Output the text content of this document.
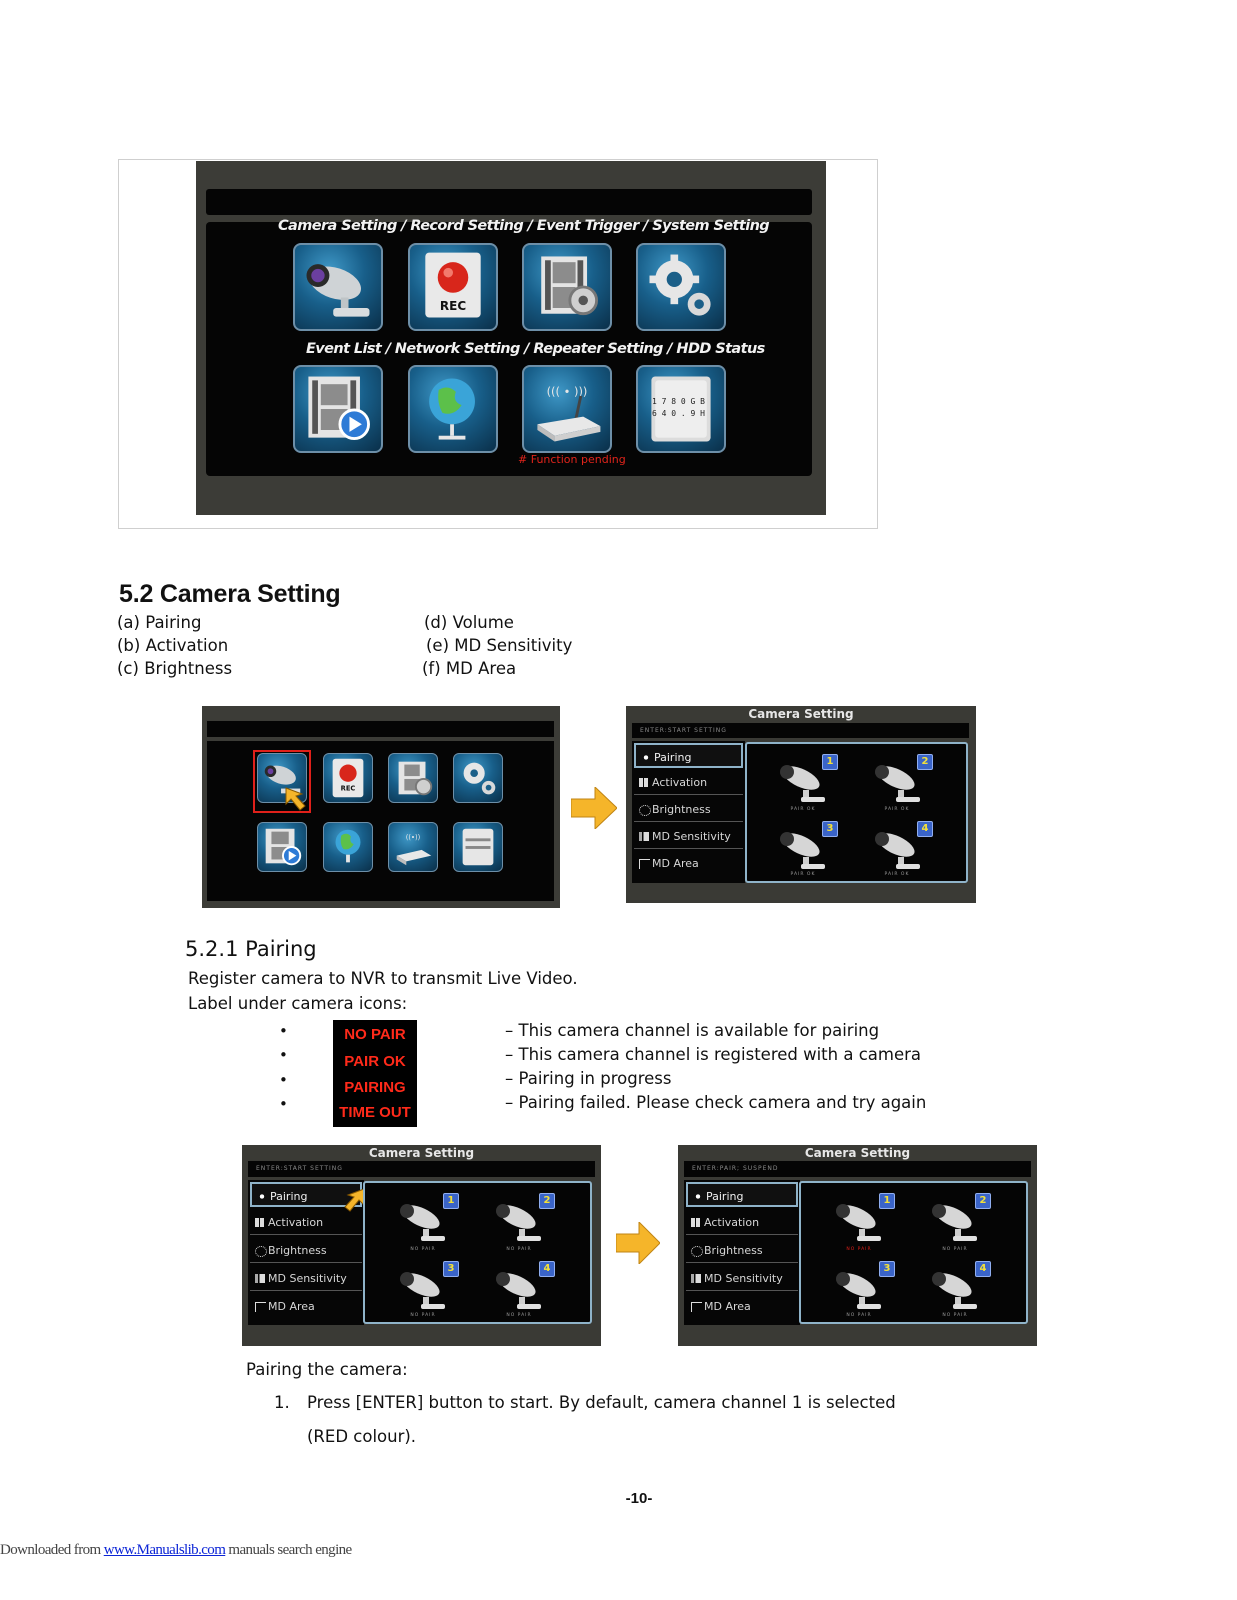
Camera Setting / Record Setting / Event Trigger / System Setting
Event List / Network Setting / Repeater Setting / HDD Status
REC
((( • )))
1 7 8 0 G B
6 4 0 . 9 H
# Function pending
5.2 Camera Setting
(a) Pairing
(b) Activation
(c) Brightness
(d) Volume
(e) MD Sensitivity
(f) MD Area
REC
((•))
Camera Setting
ENTER:START SETTING
Pairing
Activation
Brightness
MD Sensitivity
MD Area
1
PAIR OK
2
PAIR OK
3
PAIR OK
4
PAIR OK
5.2.1 Pairing
Register camera to NVR to transmit Live Video.
Label under camera icons:
•
•
•
•
NO PAIR
PAIR OK
PAIRING
TIME OUT
– This camera channel is available for pairing
– This camera channel is registered with a camera
– Pairing in progress
– Pairing failed. Please check camera and try again
Camera Setting
ENTER:START SETTING
Pairing
Activation
Brightness
MD Sensitivity
MD Area
1
NO PAIR
2
NO PAIR
3
NO PAIR
4
NO PAIR
Camera Setting
ENTER:PAIR; SUSPEND
Pairing
Activation
Brightness
MD Sensitivity
MD Area
1
NO PAIR
2
NO PAIR
3
NO PAIR
4
NO PAIR
Pairing the camera:
1. Press [ENTER] button to start. By default, camera channel 1 is selected
(RED colour).
-10-
Downloaded from www.Manualslib.com manuals search engine
